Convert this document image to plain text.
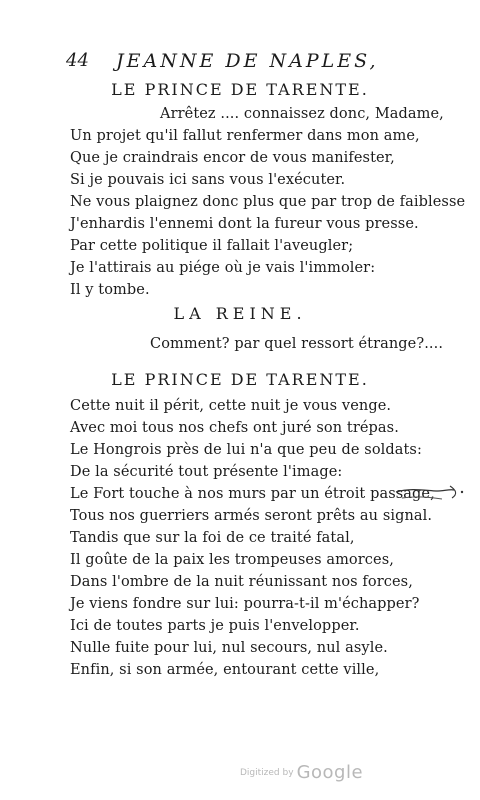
44 JEANNE DE NAPLES,
LE PRINCE DE TARENTE.
Arrêtez .... connaissez donc, Madame,
Un projet qu'il fallut renfermer dans mon ame,
Que je craindrais encor de vous manifester,
Si je pouvais ici sans vous l'exécuter.
Ne vous plaignez donc plus que par trop de faiblesse
J'enhardis l'ennemi dont la fureur vous presse.
Par cette politique il fallait l'aveugler;
Je l'attirais au piége où je vais l'immoler:
Il y tombe.
LA REINE.
Comment? par quel ressort étrange?....
LE PRINCE DE TARENTE.
Cette nuit il périt, cette nuit je vous venge.
Avec moi tous nos chefs ont juré son trépas.
Le Hongrois près de lui n'a que peu de soldats:
De la sécurité tout présente l'image:
Le Fort touche à nos murs par un étroit passage,
Tous nos guerriers armés seront prêts au signal.
Tandis que sur la foi de ce traité fatal,
Il goûte de la paix les trompeuses amorces,
Dans l'ombre de la nuit réunissant nos forces,
Je viens fondre sur lui: pourra-t-il m'échapper?
Ici de toutes parts je puis l'envelopper.
Nulle fuite pour lui, nul secours, nul asyle.
Enfin, si son armée, entourant cette ville,
Digitized by Google
